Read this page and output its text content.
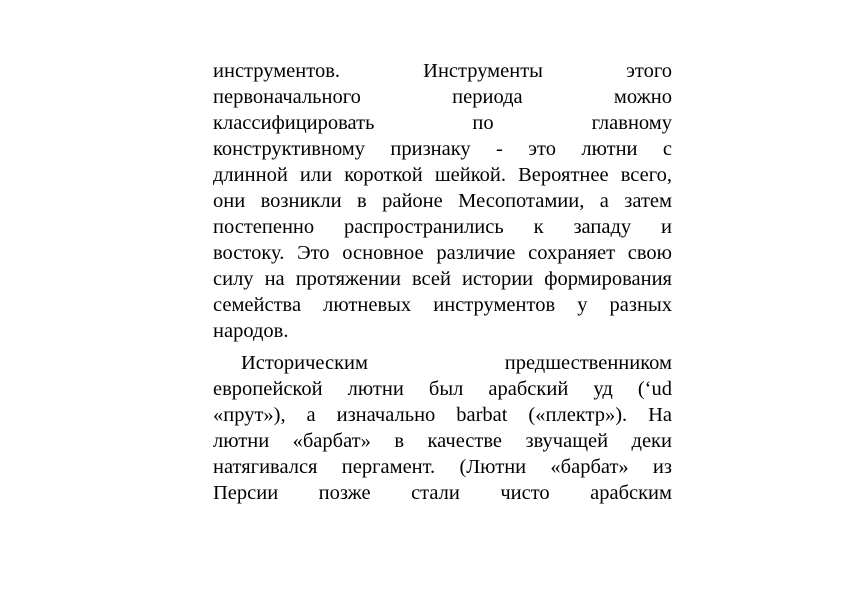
инструментов. Инструменты этого
первоначального периода можно
классифицировать по главному
конструктивному признаку - это лютни с
длинной или короткой шейкой. Вероятнее всего,
они возникли в районе Месопотамии, а затем
постепенно распространились к западу и
востоку. Это основное различие сохраняет свою
силу на протяжении всей истории формирования
семейства лютневых инструментов у разных
народов.
Историческим предшественником
европейской лютни был арабский уд (‘ud
«прут»), а изначально barbat («плектр»). На
лютни «барбат» в качестве звучащей деки
натягивался пергамент. (Лютни «барбат» из
Персии позже стали чисто арабским
